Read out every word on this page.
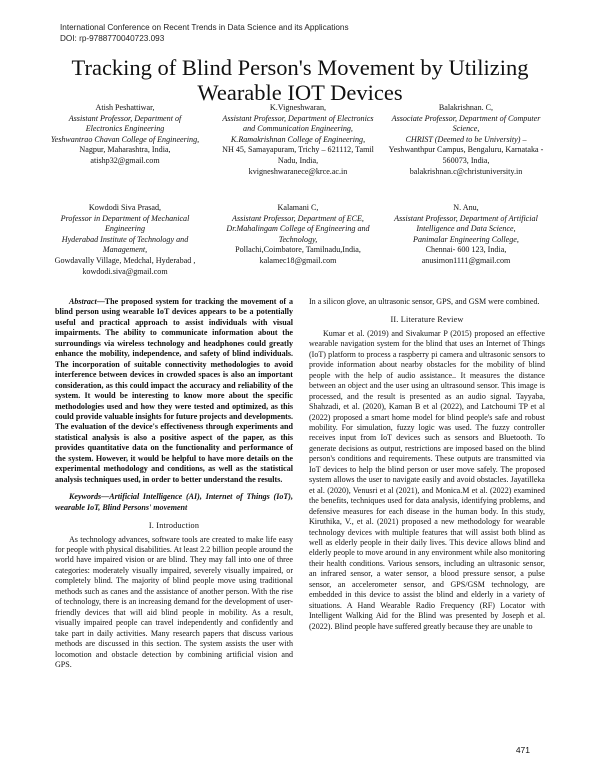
International Conference on Recent Trends in Data Science and its Applications
DOI: rp-9788770040723.093
Tracking of Blind Person's Movement by Utilizing Wearable IOT Devices
Atish Peshattiwar,
Assistant Professor, Department of Electronics Engineering
Yeshwantrao Chavan College of Engineering,
Nagpur, Maharashtra, India,
atishp32@gmail.com
K.Vigneshwaran,
Assistant Professor, Department of Electronics and Communication Engineering,
K.Ramakrishnan College of Engineering,
NH 45, Samayapuram, Trichy – 621112, Tamil Nadu, India,
kvigneshwaranece@krce.ac.in
Balakrishnan. C,
Associate Professor, Department of Computer Science,
CHRIST (Deemed to be University) –
Yeshwanthpur Campus, Bengaluru, Karnataka - 560073, India,
balakrishnan.c@christuniversity.in
Kowdodi Siva Prasad,
Professor in Department of Mechanical Engineering
Hyderabad Institute of Technology and Management,
Gowdavally Village, Medchal, Hyderabad ,
kowdodi.siva@gmail.com
Kalamani C,
Assistant Professor, Department of ECE,
Dr.Mahalingam College of Engineering and Technology,
Pollachi,Coimbatore, Tamilnadu,India,
kalamec18@gmail.com
N. Anu,
Assistant Professor, Department of Artificial Intelligence and Data Science,
Panimalar Engineering College,
Chennai- 600 123, India,
anusimon1111@gmail.com

Abstract—The proposed system for tracking the movement of a blind person using wearable IoT devices appears to be a potentially useful and practical approach to assist individuals with visual impairments. The ability to communicate information about the surroundings via wireless technology and headphones could greatly enhance the mobility, independence, and safety of blind individuals. The incorporation of suitable connectivity methodologies to avoid interference between devices in crowded spaces is also an important consideration, as this could impact the accuracy and reliability of the system. It would be interesting to know more about the specific methodologies used and how they were tested and optimized, as this could provide valuable insights for future projects and developments. The evaluation of the device's effectiveness through experiments and statistical analysis is also a positive aspect of the paper, as this provides quantitative data on the functionality and performance of the system. However, it would be helpful to have more details on the experimental methodology and conditions, as well as the statistical analysis techniques used, in order to better understand the results.

Keywords—Artificial Intelligence (AI), Internet of Things (IoT), wearable IoT, Blind Persons' movement

I. Introduction

As technology advances, software tools are created to make life easy for people with physical disabilities. At least 2.2 billion people around the world have impaired vision or are blind. They may fall into one of three categories: moderately visually impaired, severely visually impaired, or completely blind. The majority of blind people move using traditional methods such as canes and the assistance of another person. With the rise of technology, there is an increasing demand for the development of user-friendly devices that will aid blind people in mobility. As a result, visually impaired people can travel independently and confidently and take part in daily activities. Many research papers that discuss various methods are discussed in this section. The system assists the user with locomotion and obstacle detection by combining artificial vision and GPS.

In a silicon glove, an ultrasonic sensor, GPS, and GSM were combined.

II. Literature Review

Kumar et al. (2019) and Sivakumar P (2015) proposed an effective wearable navigation system for the blind that uses an Internet of Things (IoT) platform to process a raspberry pi camera and ultrasonic sensors to provide information about nearby obstacles for the mobility of blind people with the help of audio assistance.. It measures the distance between an object and the user using an ultrasound sensor. This image is processed, and the result is presented as an audio signal. Tayyaba, Shahzadi, et al. (2020), Kaman B et al (2022), and Latchoumi TP et al (2022) proposed a smart home model for blind people's safe and robust mobility. For simulation, fuzzy logic was used. The fuzzy controller receives input from IoT devices such as sensors and Bluetooth. To generate decisions as output, restrictions are imposed based on the blind person's conditions and requirements. These outputs are transmitted via IoT devices to help the blind person or user move safely. The proposed system allows the user to navigate easily and avoid obstacles. Jayatilleka et al. (2020), Venusri et al (2021), and Monica.M et al. (2022) examined the benefits, techniques used for data analysis, identifying problems, and defensive measures for each disease in the human body. In this study, Kiruthika, V., et al. (2021) proposed a new methodology for wearable technology devices with multiple features that will assist both blind as well as elderly people in their daily lives. This device allows blind and elderly people to move around in any environment while also monitoring their health conditions. Various sensors, including an ultrasonic sensor, an infrared sensor, a water sensor, a blood pressure sensor, a pulse sensor, an accelerometer sensor, and GPS/GSM technology, are embedded in this device to assist the blind and elderly in a variety of situations. A Hand Wearable Radio Frequency (RF) Locator with Intelligent Walking Aid for the Blind was presented by Joseph et al. (2022). Blind people have suffered greatly because they are unable to

471
